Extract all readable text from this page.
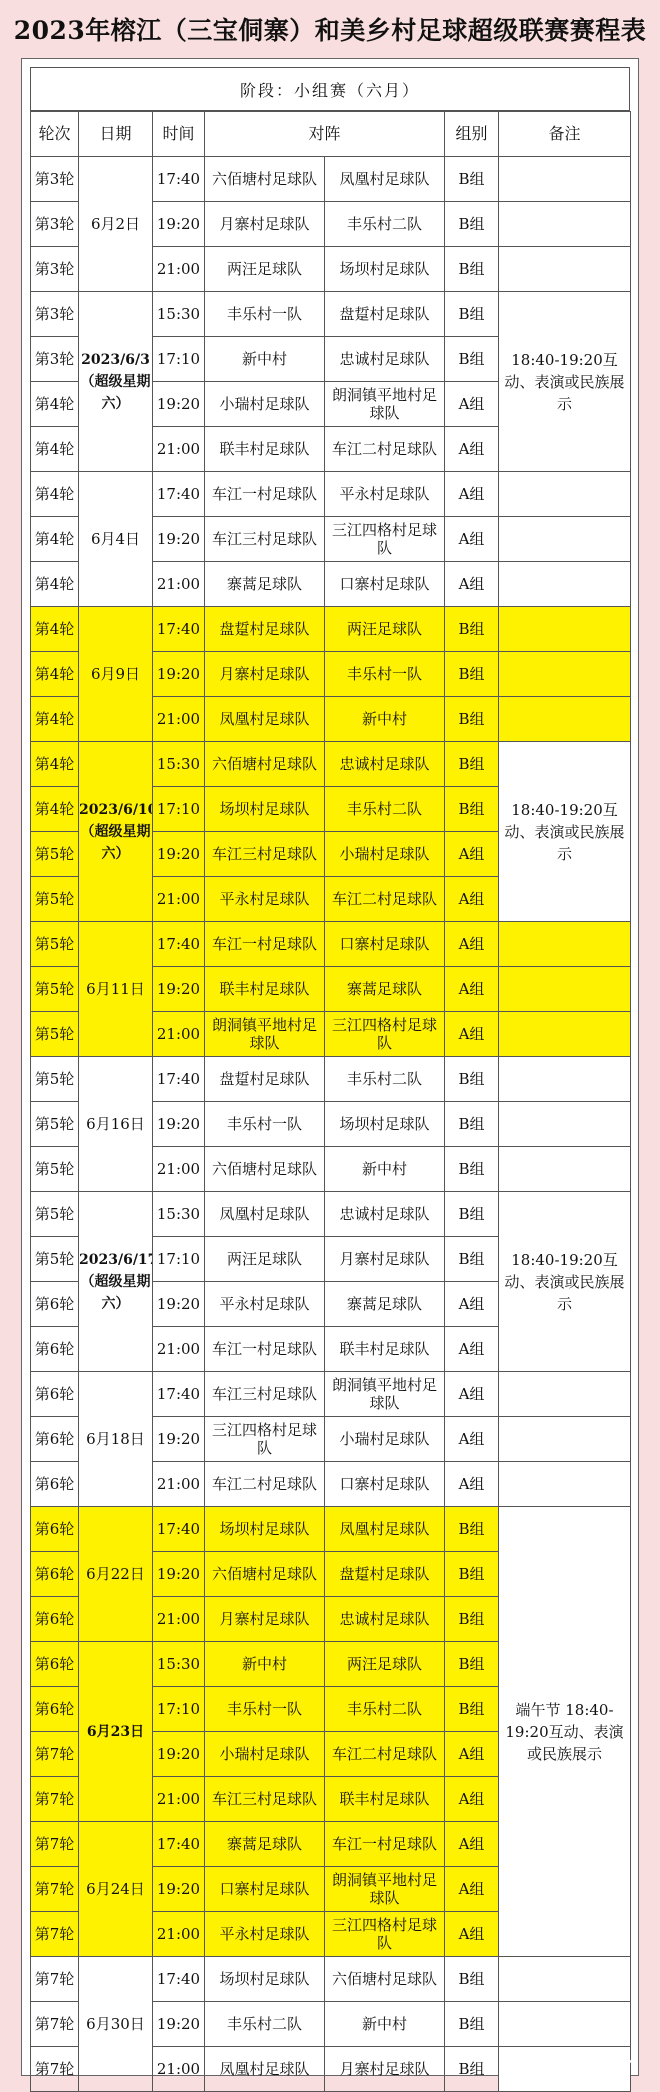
2023年榕江（三宝侗寨）和美乡村足球超级联赛赛程表
阶段：小组赛（六月）
轮次	日期	时间	对阵		组别	备注
第3轮	6月2日	17:40	六佰塘村足球队	凤凰村足球队	B组	
第3轮		19:20	月寨村足球队	丰乐村二队	B组	
第3轮		21:00	两汪足球队	场坝村足球队	B组	
第3轮	2023/6/3（超级星期六）	15:30	丰乐村一队	盘踅村足球队	B组	18:40-19:20互动、表演或民族展示
第3轮		17:10	新中村	忠诚村足球队	B组	
第4轮		19:20	小瑞村足球队	朗洞镇平地村足球队	A组	
第4轮		21:00	联丰村足球队	车江二村足球队	A组	
第4轮	6月4日	17:40	车江一村足球队	平永村足球队	A组	
第4轮		19:20	车江三村足球队	三江四格村足球队	A组	
第4轮		21:00	寨蒿足球队	口寨村足球队	A组	
第4轮	6月9日	17:40	盘踅村足球队	两汪足球队	B组	
第4轮		19:20	月寨村足球队	丰乐村一队	B组	
第4轮		21:00	凤凰村足球队	新中村	B组	
第4轮	2023/6/10（超级星期六）	15:30	六佰塘村足球队	忠诚村足球队	B组	18:40-19:20互动、表演或民族展示
第4轮		17:10	场坝村足球队	丰乐村二队	B组	
第5轮		19:20	车江三村足球队	小瑞村足球队	A组	
第5轮		21:00	平永村足球队	车江二村足球队	A组	
第5轮	6月11日	17:40	车江一村足球队	口寨村足球队	A组	
第5轮		19:20	联丰村足球队	寨蒿足球队	A组	
第5轮		21:00	朗洞镇平地村足球队	三江四格村足球队	A组	
第5轮	6月16日	17:40	盘踅村足球队	丰乐村二队	B组	
第5轮		19:20	丰乐村一队	场坝村足球队	B组	
第5轮		21:00	六佰塘村足球队	新中村	B组	
第5轮	2023/6/17（超级星期六）	15:30	凤凰村足球队	忠诚村足球队	B组	18:40-19:20互动、表演或民族展示
第5轮		17:10	两汪足球队	月寨村足球队	B组	
第6轮		19:20	平永村足球队	寨蒿足球队	A组	
第6轮		21:00	车江一村足球队	联丰村足球队	A组	
第6轮	6月18日	17:40	车江三村足球队	朗洞镇平地村足球队	A组	
第6轮		19:20	三江四格村足球队	小瑞村足球队	A组	
第6轮		21:00	车江二村足球队	口寨村足球队	A组	
第6轮	6月22日	17:40	场坝村足球队	凤凰村足球队	B组	端午节 18:40-19:20互动、表演或民族展示
第6轮		19:20	六佰塘村足球队	盘踅村足球队	B组	
第6轮		21:00	月寨村足球队	忠诚村足球队	B组	
第6轮	6月23日	15:30	新中村	两汪足球队	B组	
第6轮		17:10	丰乐村一队	丰乐村二队	B组	
第7轮		19:20	小瑞村足球队	车江二村足球队	A组	
第7轮		21:00	车江三村足球队	联丰村足球队	A组	
第7轮	6月24日	17:40	寨蒿足球队	车江一村足球队	A组	
第7轮		19:20	口寨村足球队	朗洞镇平地村足球队	A组	
第7轮		21:00	平永村足球队	三江四格村足球队	A组	
第7轮	6月30日	17:40	场坝村足球队	六佰塘村足球队	B组	
第7轮		19:20	丰乐村二队	新中村	B组	
第7轮		21:00	凤凰村足球队	月寨村足球队	B组		gtx.com
